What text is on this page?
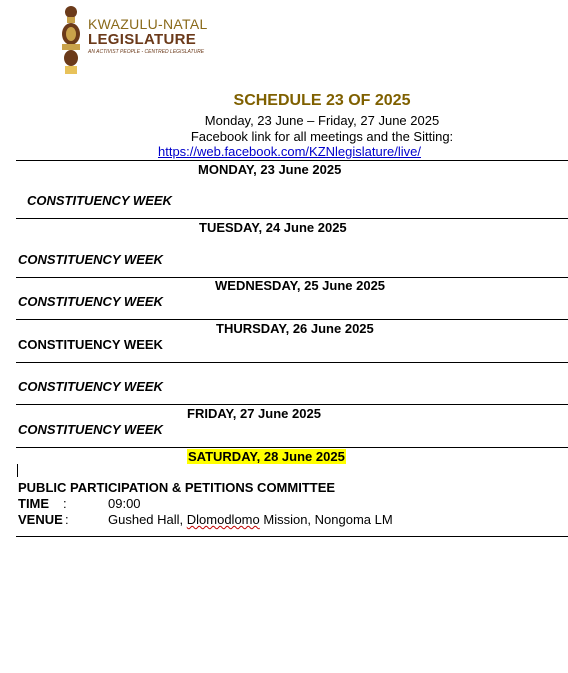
KWAZULU-NATAL
LEGISLATURE
AN ACTIVIST PEOPLE - CENTRED LEGISLATURE
SCHEDULE 23 OF 2025
Monday, 23 June – Friday, 27 June 2025
Facebook link for all meetings and the Sitting:
https://web.facebook.com/KZNlegislature/live/
MONDAY, 23 June 2025
CONSTITUENCY WEEK
TUESDAY, 24 June 2025
CONSTITUENCY WEEK
WEDNESDAY, 25 June 2025
CONSTITUENCY WEEK
THURSDAY, 26 June 2025
CONSTITUENCY WEEK
CONSTITUENCY WEEK
FRIDAY, 27 June 2025
CONSTITUENCY WEEK
SATURDAY, 28 June 2025
PUBLIC PARTICIPATION & PETITIONS COMMITTEE
TIME :	09:00
VENUE :	Gushed Hall, Dlomodlomo Mission, Nongoma LM
